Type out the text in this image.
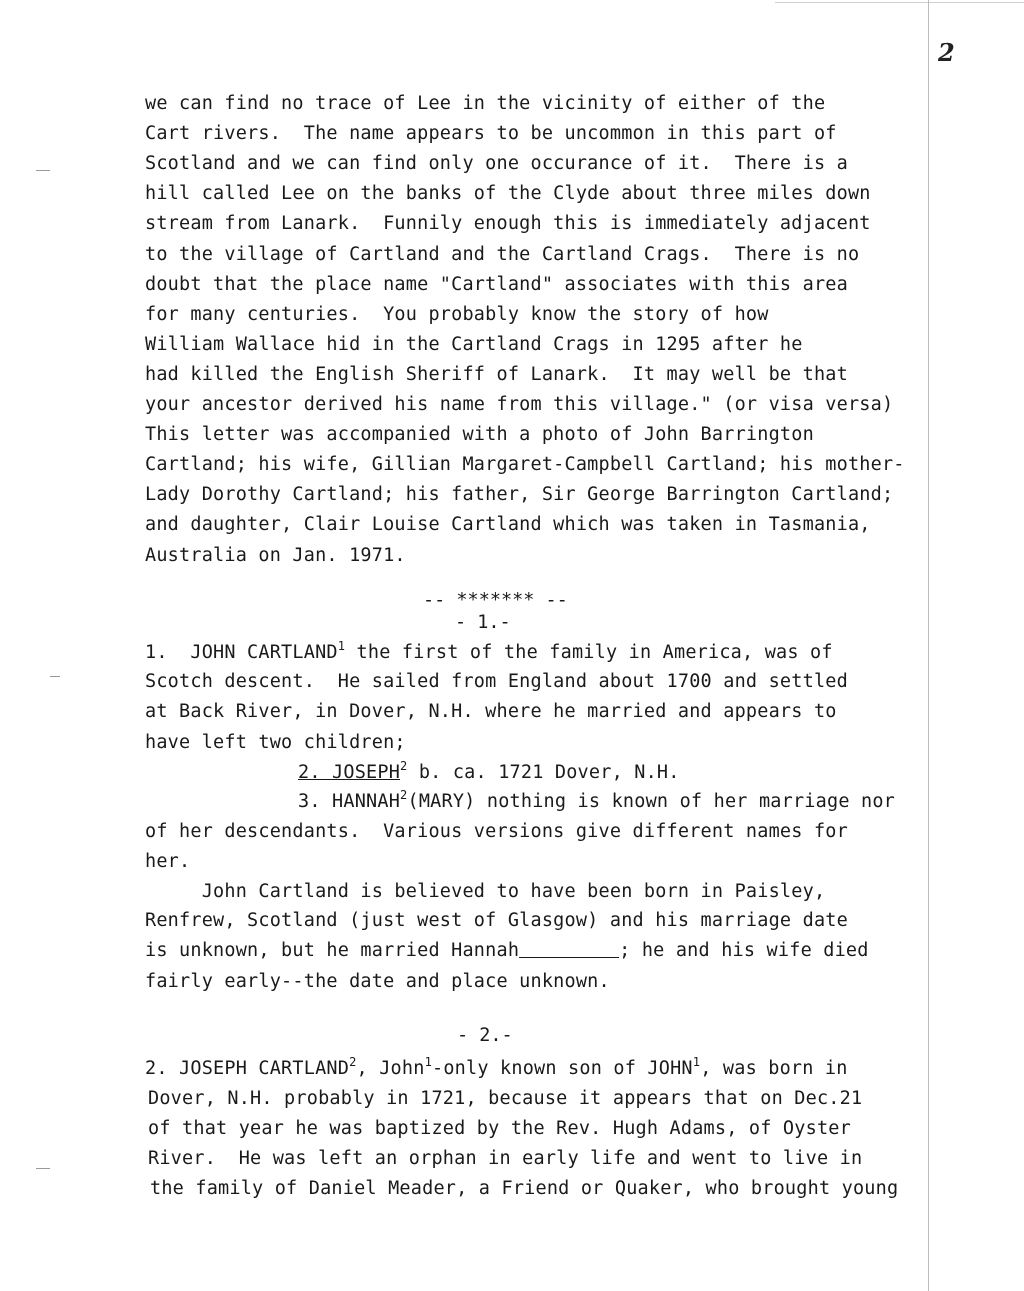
2
we can find no trace of Lee in the vicinity of either of the
Cart rivers.  The name appears to be uncommon in this part of
Scotland and we can find only one occurance of it.  There is a
hill called Lee on the banks of the Clyde about three miles down
stream from Lanark.  Funnily enough this is immediately adjacent
to the village of Cartland and the Cartland Crags.  There is no
doubt that the place name "Cartland" associates with this area
for many centuries.  You probably know the story of how
William Wallace hid in the Cartland Crags in 1295 after he
had killed the English Sheriff of Lanark.  It may well be that
your ancestor derived his name from this village." (or visa versa)
This letter was accompanied with a photo of John Barrington
Cartland; his wife, Gillian Margaret-Campbell Cartland; his mother-
Lady Dorothy Cartland; his father, Sir George Barrington Cartland;
and daughter, Clair Louise Cartland which was taken in Tasmania,
Australia on Jan. 1971.
-- ******* --
- 1.-
1.  JOHN CARTLAND$^1$ the first of the family in America, was of
Scotch descent.  He sailed from England about 1700 and settled
at Back River, in Dover, N.H. where he married and appears to
have left two children;
2. JOSEPH$^2$ b. ca. 1721 Dover, N.H.
3. HANNAH$^2$(MARY) nothing is known of her marriage nor
of her descendants.  Various versions give different names for
her.
John Cartland is believed to have been born in Paisley,
Renfrew, Scotland (just west of Glasgow) and his marriage date
is unknown, but he married Hannah	; he and his wife died
fairly early--the date and place unknown.
- 2.-
2. JOSEPH CARTLAND$^2$, John$^1$-only known son of JOHN$^1$, was born in
Dover, N.H. probably in 1721, because it appears that on Dec.21
of that year he was baptized by the Rev. Hugh Adams, of Oyster
River.  He was left an orphan in early life and went to live in
the family of Daniel Meader, a Friend or Quaker, who brought young
